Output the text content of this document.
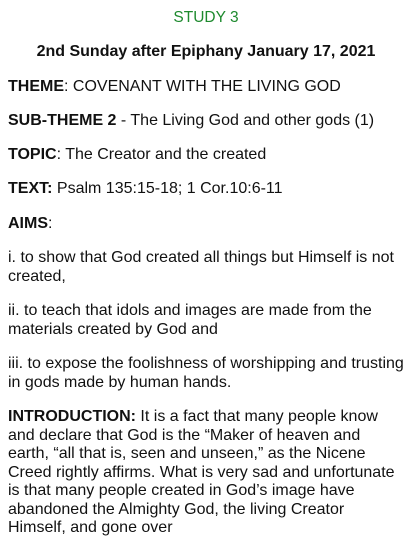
STUDY 3
2nd Sunday after Epiphany January 17, 2021
THEME: COVENANT WITH THE LIVING GOD
SUB-THEME 2 - The Living God and other gods (1)
TOPIC: The Creator and the created
TEXT: Psalm 135:15-18; 1 Cor.10:6-11
AIMS:
i. to show that God created all things but Himself is not created,
ii. to teach that idols and images are made from the materials created by God and
iii. to expose the foolishness of worshipping and trusting in gods made by human hands.
INTRODUCTION: It is a fact that many people know and declare that God is the “Maker of heaven and earth, “all that is, seen and unseen,” as the Nicene Creed rightly affirms. What is very sad and unfortunate is that many people created in God’s image have abandoned the Almighty God, the living Creator Himself, and gone over
